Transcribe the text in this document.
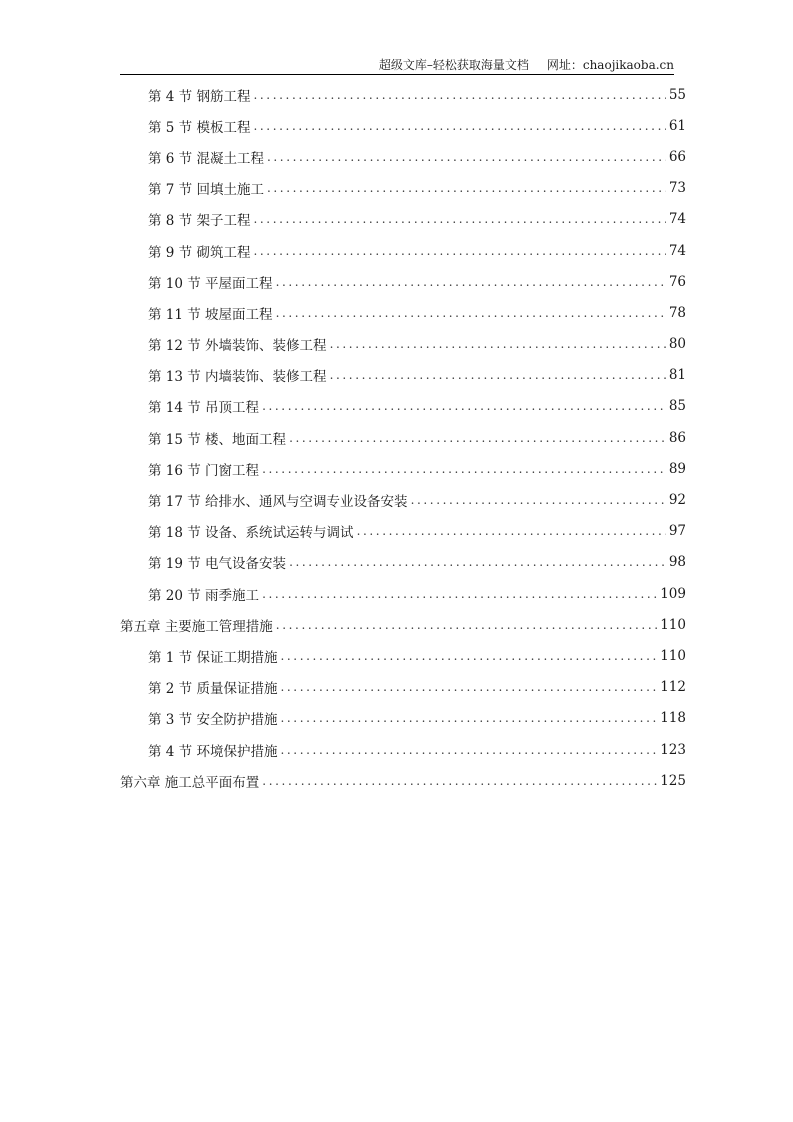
超级文库–轻松获取海量文档 网址：chaojikaoba.cn
第 4 节 钢筋工程 .....	55
第 5 节 模板工程 .....	61
第 6 节 混凝土工程 .....	66
第 7 节 回填土施工 .....	73
第 8 节 架子工程 .....	74
第 9 节 砌筑工程 .....	74
第 10 节 平屋面工程 .....	76
第 11 节 坡屋面工程 .....	78
第 12 节 外墙装饰、装修工程 .....	80
第 13 节 内墙装饰、装修工程 .....	81
第 14 节 吊顶工程 .....	85
第 15 节 楼、地面工程 .....	86
第 16 节 门窗工程 .....	89
第 17 节 给排水、通风与空调专业设备安装 .....	92
第 18 节 设备、系统试运转与调试 .....	97
第 19 节 电气设备安装 .....	98
第 20 节 雨季施工 .....	109
第五章 主要施工管理措施 .....	110
第 1 节 保证工期措施 .....	110
第 2 节 质量保证措施 .....	112
第 3 节 安全防护措施 .....	118
第 4 节 环境保护措施 .....	123
第六章 施工总平面布置 .....	125
